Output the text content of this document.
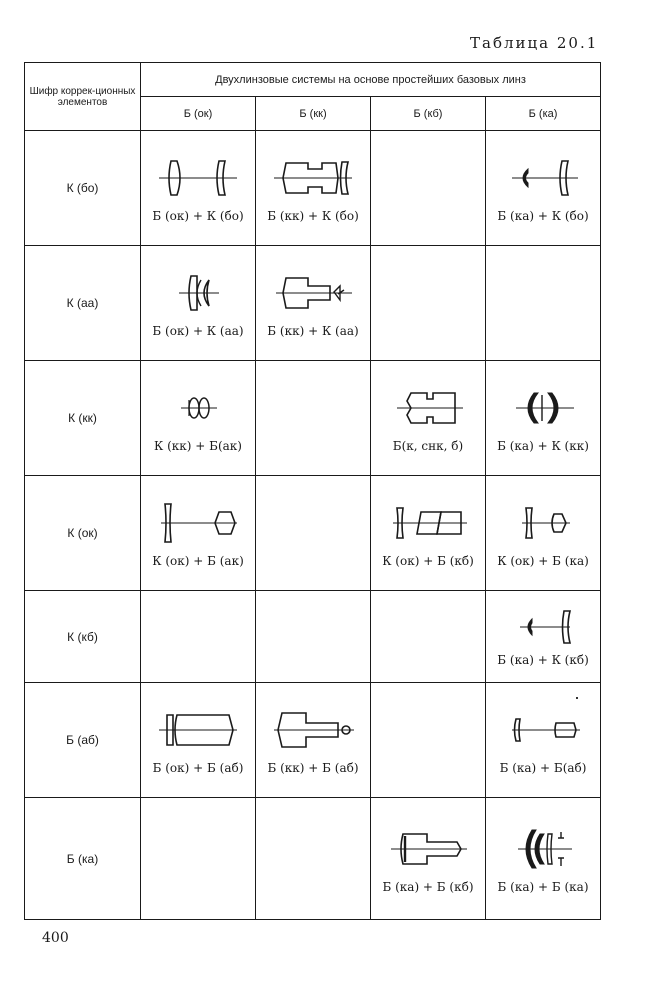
Таблица 20.1
Шифр коррек-ционных элементов	Двухлинзовые системы на основе простейших базовых линз			
	Б (ок)	Б (кк)	Б (кб)	Б (ка)
К (бо)	Б (ок) + К (бо)	Б (кк) + К (бо)		Б (ка) + К (бо)

К (аа)	Б (ок) + К (аа)	Б (кк) + К (аа)		

К (кк)	К (кк) + Б(ак)		Б(к, снк, б)	Б (ка) + К (кк)

К (ок)	К (ок) + Б (ак)		К (ок) + Б (кб)	К (ок) + Б (ка)

К (кб)				Б (ка) + К (кб)

Б (аб)	Б (ок) + Б (аб)	Б (кк) + Б (аб)		Б (ка) + Б(аб)

Б (ка)			Б (ка) + Б (кб)	Б (ка) + Б (ка)
400
